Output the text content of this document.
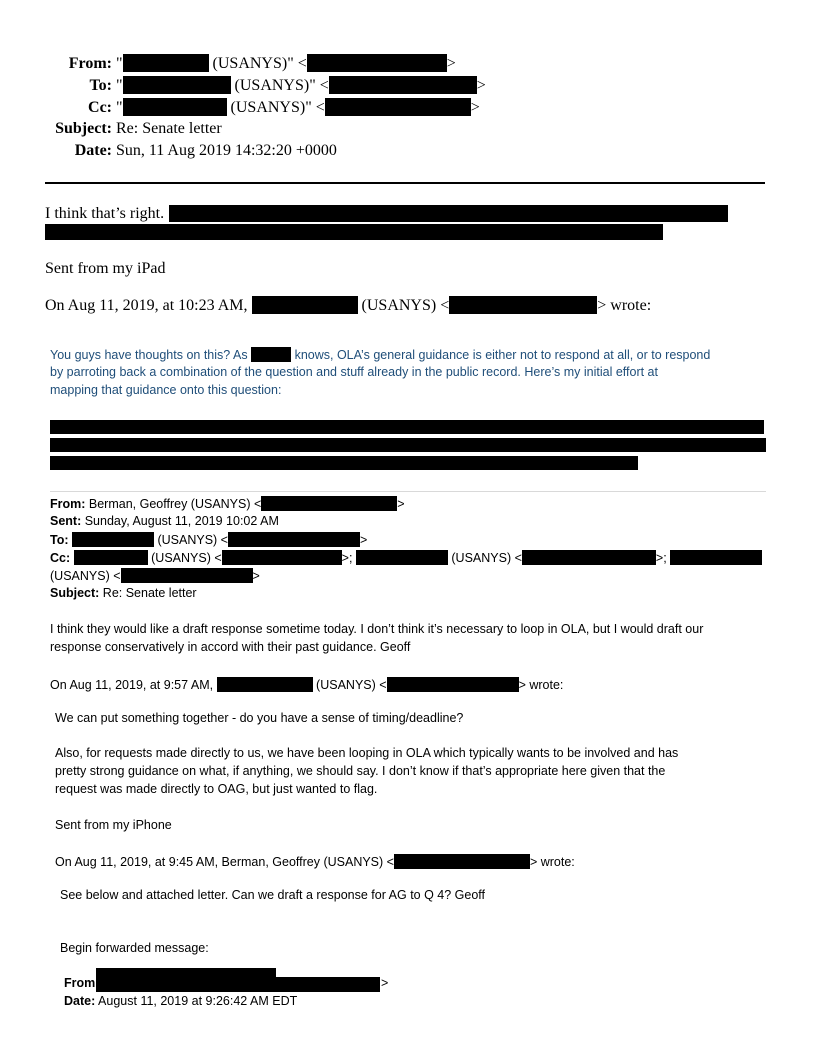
From: "	(USANYS)" <	>
To: "	(USANYS)" <	>
Cc: "	(USANYS)" <	>
Subject: Re: Senate letter
Date: Sun, 11 Aug 2019 14:32:20 +0000
I think that’s right.
Sent from my iPad
On Aug 11, 2019, at 10:23 AM,	(USANYS) <	> wrote:
You guys have thoughts on this? As	knows, OLA’s general guidance is either not to respond at all, or to respond
by parroting back a combination of the question and stuff already in the public record. Here’s my initial effort at
mapping that guidance onto this question:
From: Berman, Geoffrey (USANYS) <	>
Sent: Sunday, August 11, 2019 10:02 AM
To:	(USANYS) <	>
Cc:	(USANYS) <	>;	(USANYS) <	>;
(USANYS) <	>
Subject: Re: Senate letter
I think they would like a draft response sometime today. I don’t think it’s necessary to loop in OLA, but I would draft our
response conservatively in accord with their past guidance. Geoff
On Aug 11, 2019, at 9:57 AM,	(USANYS) <	> wrote:
We can put something together - do you have a sense of timing/deadline?
Also, for requests made directly to us, we have been looping in OLA which typically wants to be involved and has
pretty strong guidance on what, if anything, we should say. I don’t know if that’s appropriate here given that the
request was made directly to OAG, but just wanted to flag.
Sent from my iPhone
On Aug 11, 2019, at 9:45 AM, Berman, Geoffrey (USANYS) <	> wrote:
See below and attached letter. Can we draft a response for AG to Q 4? Geoff
Begin forwarded message:
From	>
Date: August 11, 2019 at 9:26:42 AM EDT
